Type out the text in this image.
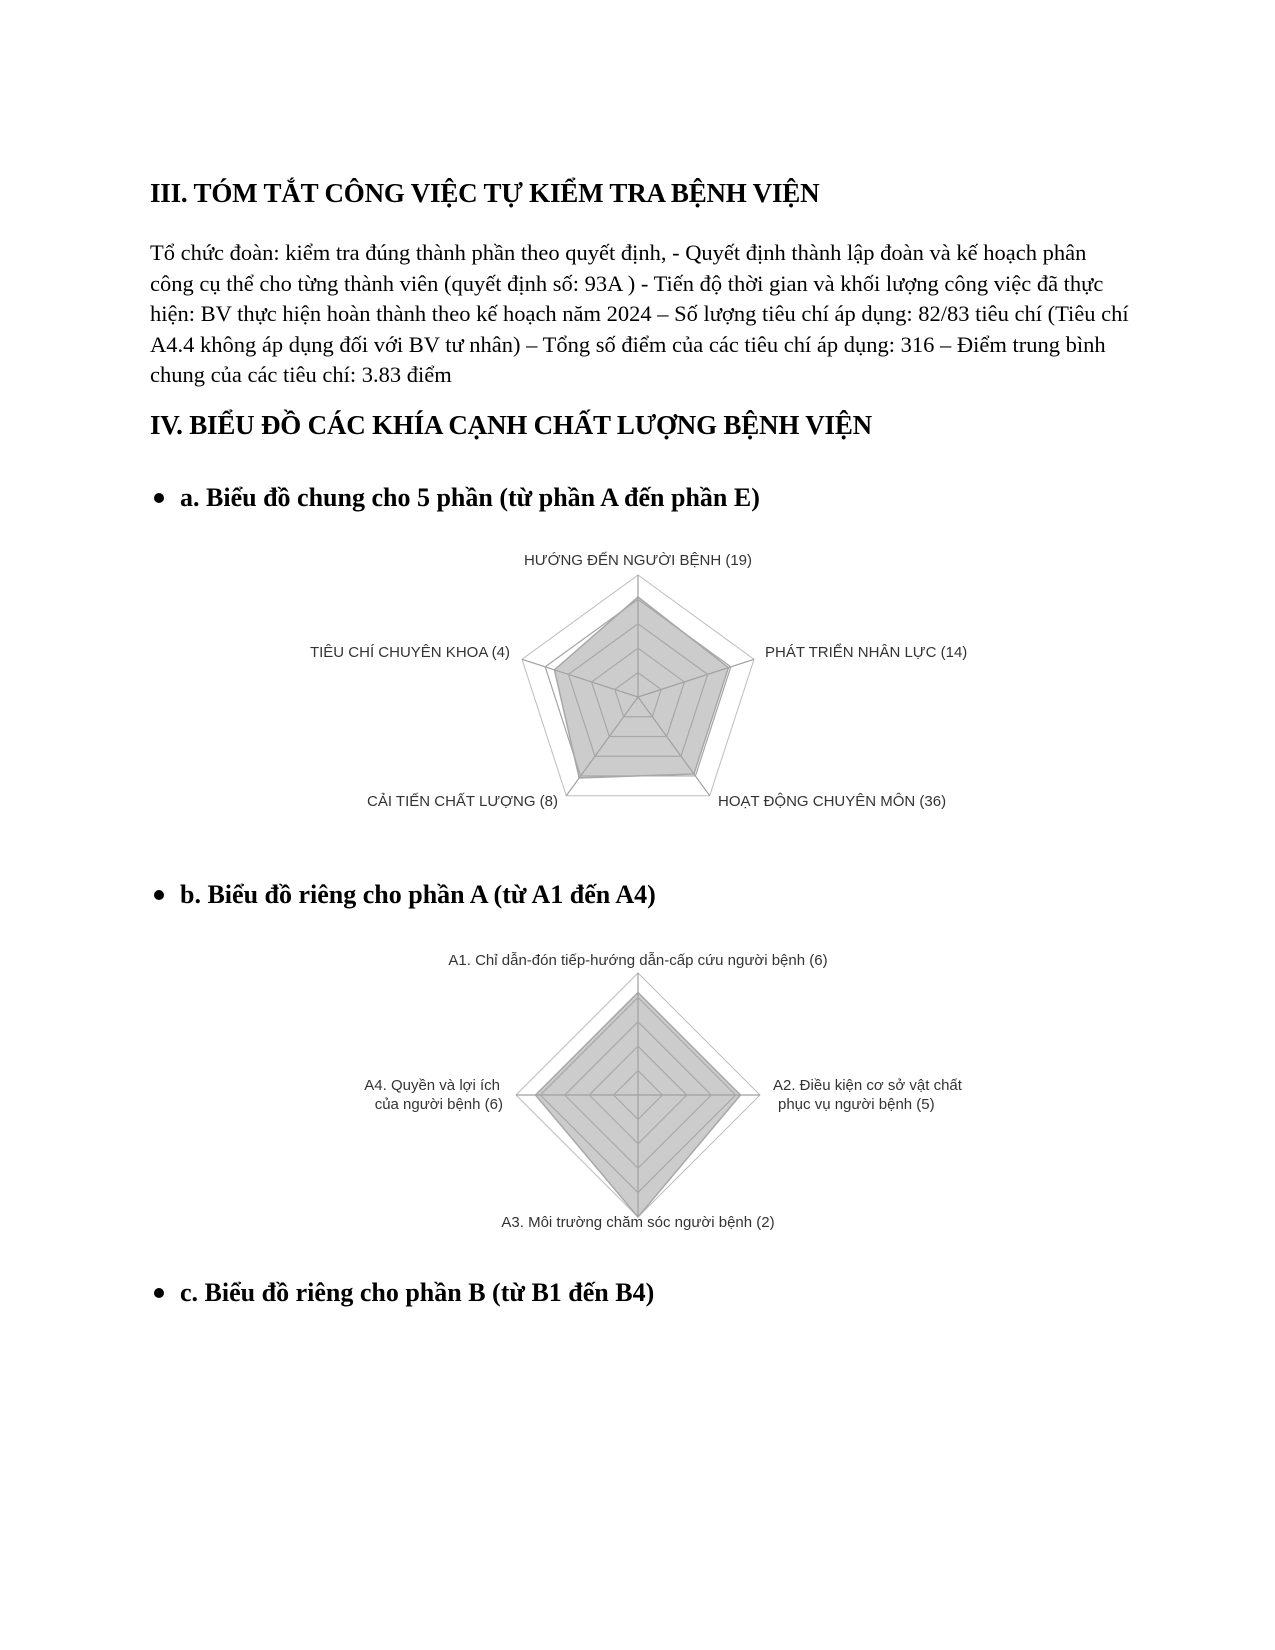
III. TÓM TẮT CÔNG VIỆC TỰ KIỂM TRA BỆNH VIỆN

Tổ chức đoàn: kiểm tra đúng thành phần theo quyết định, - Quyết định thành lập đoàn và kế hoạch phân công cụ thể cho từng thành viên (quyết định số: 93A ) - Tiến độ thời gian và khối lượng công việc đã thực hiện: BV thực hiện hoàn thành theo kế hoạch năm 2024 – Số lượng tiêu chí áp dụng: 82/83 tiêu chí (Tiêu chí A4.4 không áp dụng đối với BV tư nhân) – Tổng số điểm của các tiêu chí áp dụng: 316 – Điểm trung bình chung của các tiêu chí: 3.83 điểm

IV. BIỂU ĐỒ CÁC KHÍA CẠNH CHẤT LƯỢNG BỆNH VIỆN
a. Biểu đồ chung cho 5 phần (từ phần A đến phần E)
HƯỚNG ĐẾN NGƯỜI BỆNH (19)
PHÁT TRIỂN NHÂN LỰC (14)
HOẠT ĐỘNG CHUYÊN MÔN (36)
CẢI TIẾN CHẤT LƯỢNG (8)
TIÊU CHÍ CHUYÊN KHOA (4)
b. Biểu đồ riêng cho phần A (từ A1 đến A4)
A1. Chỉ dẫn-đón tiếp-hướng dẫn-cấp cứu người bệnh (6)
A2. Điều kiện cơ sở vật chất
phục vụ người bệnh (5)
A3. Môi trường chăm sóc người bệnh (2)
A4. Quyền và lợi ích
của người bệnh (6)
c. Biểu đồ riêng cho phần B (từ B1 đến B4)
